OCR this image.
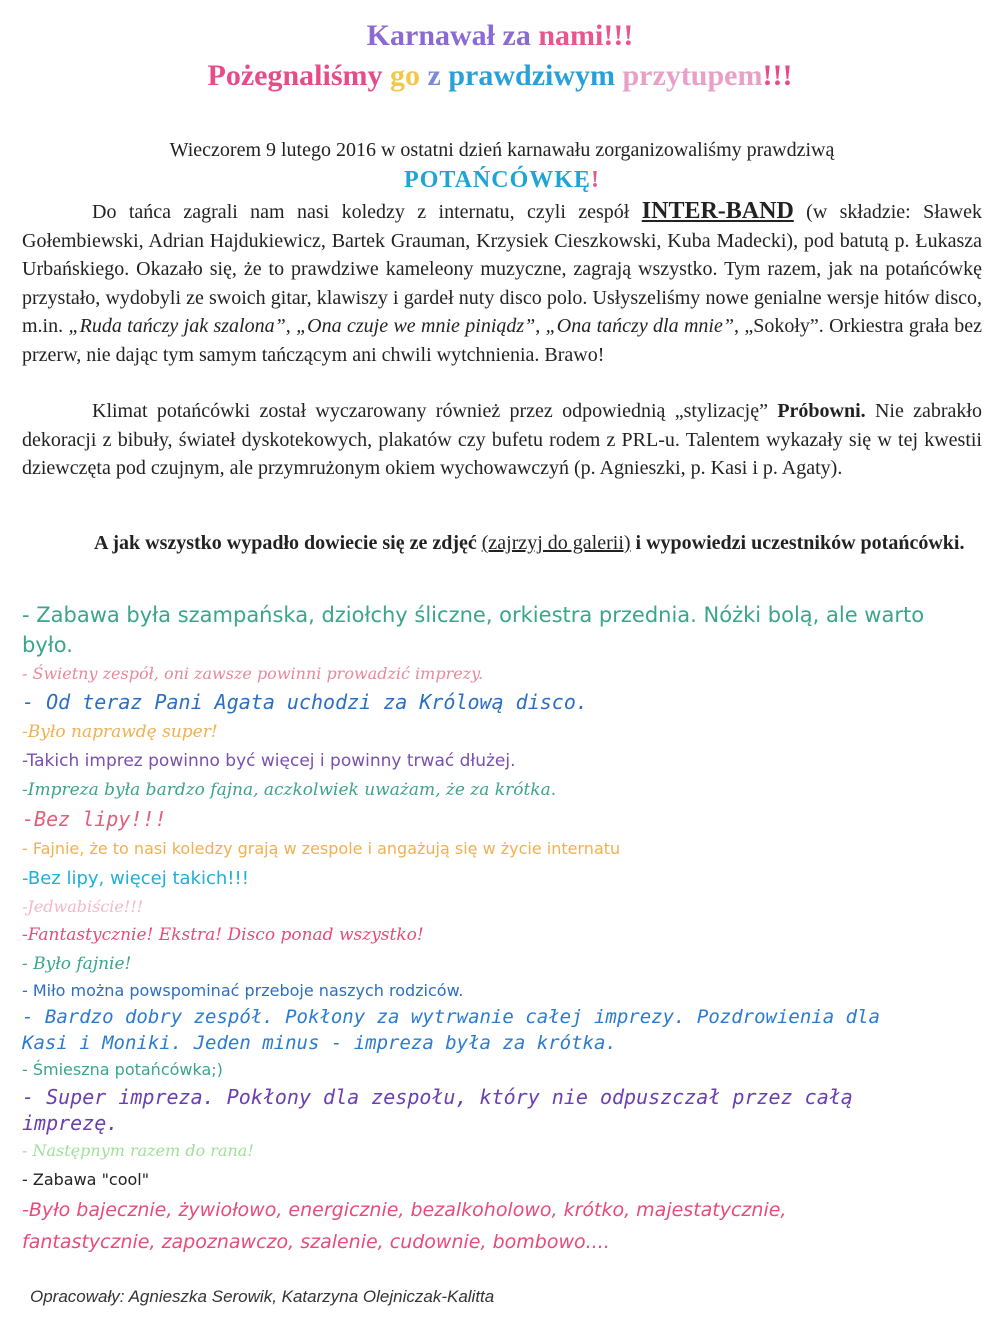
Karnawał za nami!!!
Pożegnaliśmy go z prawdziwym przytupem!!!
Wieczorem 9 lutego 2016 w ostatni dzień karnawału zorganizowaliśmy prawdziwą
POTAŃCÓWKĘ!
Do tańca zagrali nam nasi koledzy z internatu, czyli zespół INTER-BAND (w składzie: Sławek Gołembiewski, Adrian Hajdukiewicz, Bartek Grauman, Krzysiek Cieszkowski, Kuba Madecki), pod batutą p. Łukasza Urbańskiego. Okazało się, że to prawdziwe kameleony muzyczne, zagrają wszystko. Tym razem, jak na potańcówkę przystało, wydobyli ze swoich gitar, klawiszy i gardeł nuty disco polo. Usłyszeliśmy nowe genialne wersje hitów disco, m.in. „Ruda tańczy jak szalona”, „Ona czuje we mnie piniądz”, „Ona tańczy dla mnie”, „Sokoły”. Orkiestra grała bez przerw, nie dając tym samym tańczącym ani chwili wytchnienia. Brawo!
Klimat potańcówki został wyczarowany również przez odpowiednią „stylizację” Próbowni. Nie zabrakło dekoracji z bibuły, świateł dyskotekowych, plakatów czy bufetu rodem z PRL-u. Talentem wykazały się w tej kwestii dziewczęta pod czujnym, ale przymrużonym okiem wychowawczyń (p. Agnieszki, p. Kasi i p. Agaty).
A jak wszystko wypadło dowiecie się ze zdjęć (zajrzyj do galerii) i wypowiedzi uczestników potańcówki.

- Zabawa była szampańska, dziołchy śliczne, orkiestra przednia. Nóżki bolą, ale warto było.

- Świetny zespół, oni zawsze powinni prowadzić imprezy.

- Od teraz Pani Agata uchodzi za Królową disco.

-Było naprawdę super!

-Takich imprez powinno być więcej i powinny trwać dłużej.

-Impreza była bardzo fajna, aczkolwiek uważam, że za krótka.

-Bez lipy!!!

- Fajnie, że to nasi koledzy grają w zespole i angażują się w życie internatu

-Bez lipy, więcej takich!!!

-Jedwabiście!!!

-Fantastycznie! Ekstra! Disco ponad wszystko!

- Było fajnie!

- Miło można powspominać przeboje naszych rodziców.

- Bardzo dobry zespół. Pokłony za wytrwanie całej imprezy. Pozdrowienia dla Kasi i Moniki. Jeden minus - impreza była za krótka.

- Śmieszna potańcówka;)

- Super impreza. Pokłony dla zespołu, który nie odpuszczał przez całą imprezę.

- Następnym razem do rana!

- Zabawa "cool"

-Było bajecznie, żywiołowo, energicznie, bezalkoholowo, krótko, majestatycznie, fantastycznie, zapoznawczo, szalenie, cudownie, bombowo....

Opracowały: Agnieszka Serowik, Katarzyna Olejniczak-Kalitta
